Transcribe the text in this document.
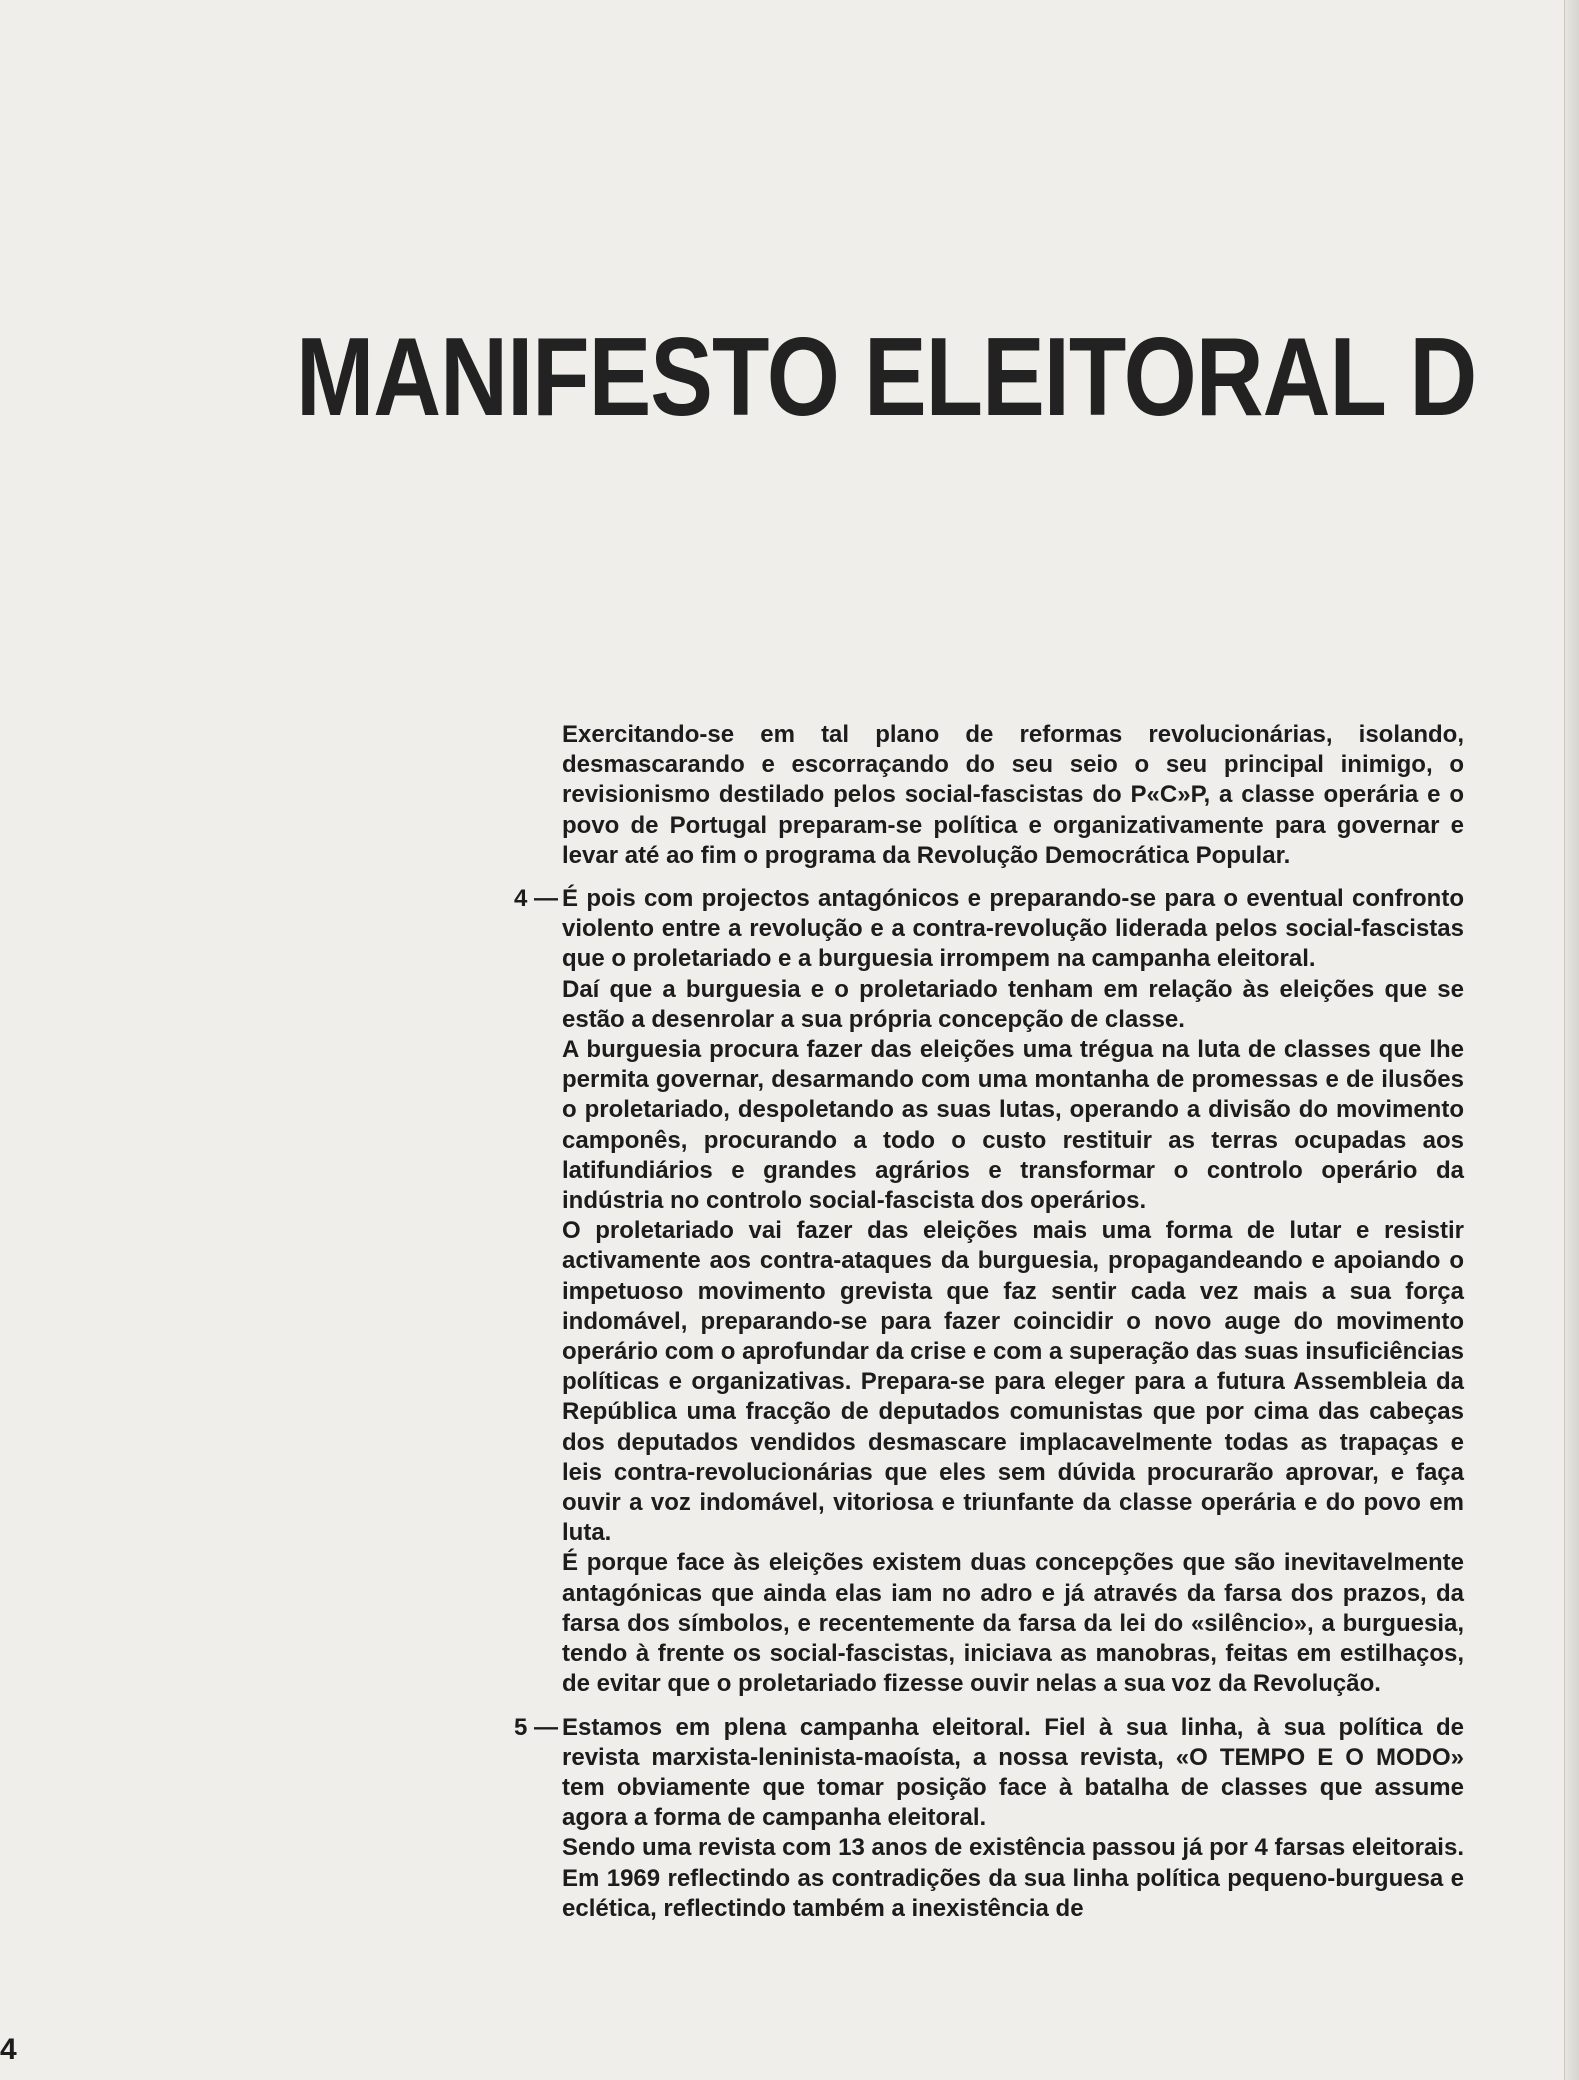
MANIFESTO ELEITORAL D

Exercitando-se em tal plano de reformas revolucionárias, isolando, desmascarando e escorraçando do seu seio o seu principal inimigo, o revisionismo destilado pelos social-fascistas do P«C»P, a classe operária e o povo de Portugal preparam-se política e organizativamente para governar e levar até ao fim o programa da Revolução Democrática Popular.

4 — É pois com projectos antagónicos e preparando-se para o eventual confronto violento entre a revolução e a contra-revolução liderada pelos social-fascistas que o proletariado e a burguesia irrompem na campanha eleitoral.

Daí que a burguesia e o proletariado tenham em relação às eleições que se estão a desenrolar a sua própria concepção de classe.

A burguesia procura fazer das eleições uma trégua na luta de classes que lhe permita governar, desarmando com uma montanha de promessas e de ilusões o proletariado, despoletando as suas lutas, operando a divisão do movimento camponês, procurando a todo o custo restituir as terras ocupadas aos latifundiários e grandes agrários e transformar o controlo operário da indústria no controlo social-fascista dos operários.

O proletariado vai fazer das eleições mais uma forma de lutar e resistir activamente aos contra-ataques da burguesia, propagandeando e apoiando o impetuoso movimento grevista que faz sentir cada vez mais a sua força indomável, preparando-se para fazer coincidir o novo auge do movimento operário com o aprofundar da crise e com a superação das suas insuficiências políticas e organizativas. Prepara-se para eleger para a futura Assembleia da República uma fracção de deputados comunistas que por cima das cabeças dos deputados vendidos desmascare implacavelmente todas as trapaças e leis contra-revolucionárias que eles sem dúvida procurarão aprovar, e faça ouvir a voz indomável, vitoriosa e triunfante da classe operária e do povo em luta.

É porque face às eleições existem duas concepções que são inevitavelmente antagónicas que ainda elas iam no adro e já através da farsa dos prazos, da farsa dos símbolos, e recentemente da farsa da lei do «silêncio», a burguesia, tendo à frente os social-fascistas, iniciava as manobras, feitas em estilhaços, de evitar que o proletariado fizesse ouvir nelas a sua voz da Revolução.

5 — Estamos em plena campanha eleitoral. Fiel à sua linha, à sua política de revista marxista-leninista-maoísta, a nossa revista, «O TEMPO E O MODO» tem obviamente que tomar posição face à batalha de classes que assume agora a forma de campanha eleitoral.

Sendo uma revista com 13 anos de existência passou já por 4 farsas eleitorais. Em 1969 reflectindo as contradições da sua linha política pequeno-burguesa e eclética, reflectindo também a inexistência de

4
